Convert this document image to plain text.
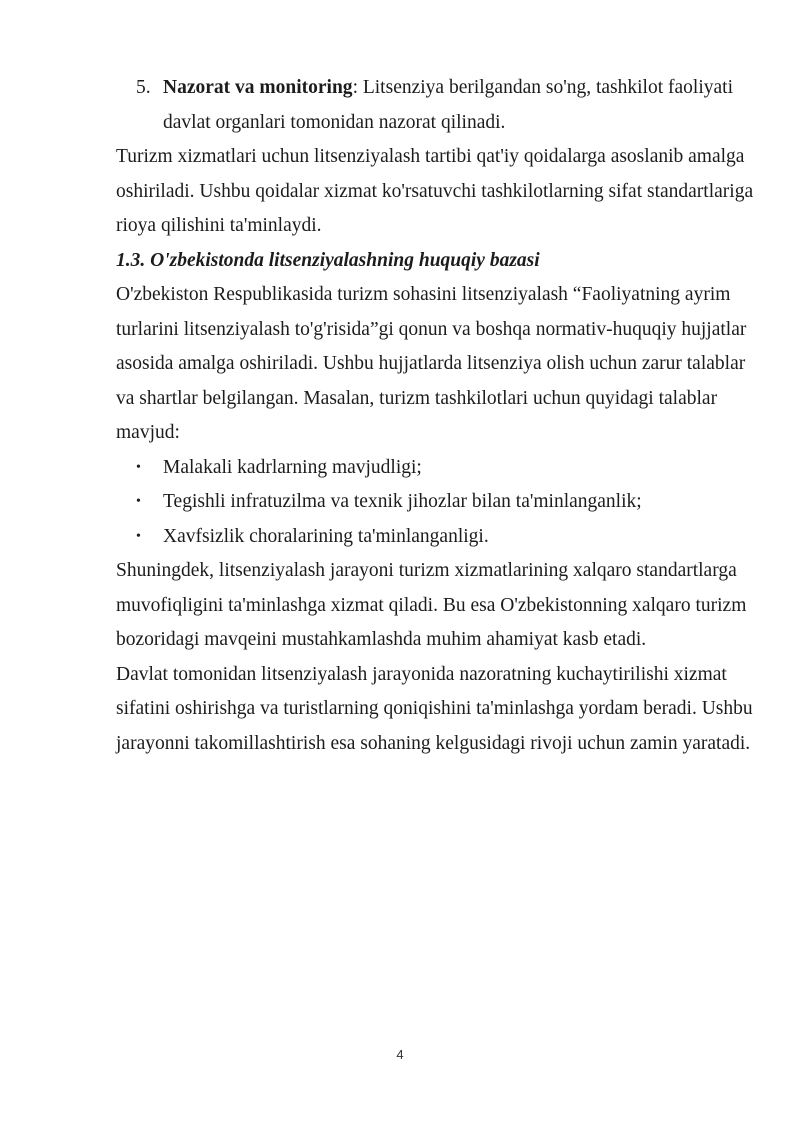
5. Nazorat va monitoring: Litsenziya berilgandan so'ng, tashkilot faoliyati davlat organlari tomonidan nazorat qilinadi.

Turizm xizmatlari uchun litsenziyalash tartibi qat'iy qoidalarga asoslanib amalga oshiriladi. Ushbu qoidalar xizmat ko'rsatuvchi tashkilotlarning sifat standartlariga rioya qilishini ta'minlaydi.

1.3. O'zbekistonda litsenziyalashning huquqiy bazasi

O'zbekiston Respublikasida turizm sohasini litsenziyalash “Faoliyatning ayrim turlarini litsenziyalash to'g'risida”gi qonun va boshqa normativ-huquqiy hujjatlar asosida amalga oshiriladi. Ushbu hujjatlarda litsenziya olish uchun zarur talablar va shartlar belgilangan. Masalan, turizm tashkilotlari uchun quyidagi talablar mavjud:

•	Malakali kadrlarning mavjudligi;
•	Tegishli infratuzilma va texnik jihozlar bilan ta'minlanganlik;
•	Xavfsizlik choralarining ta'minlanganligi.

Shuningdek, litsenziyalash jarayoni turizm xizmatlarining xalqaro standartlarga muvofiqligini ta'minlashga xizmat qiladi. Bu esa O'zbekistonning xalqaro turizm bozoridagi mavqeini mustahkamlashda muhim ahamiyat kasb etadi.

Davlat tomonidan litsenziyalash jarayonida nazoratning kuchaytirilishi xizmat sifatini oshirishga va turistlarning qoniqishini ta'minlashga yordam beradi. Ushbu jarayonni takomillashtirish esa sohaning kelgusidagi rivoji uchun zamin yaratadi.

4
